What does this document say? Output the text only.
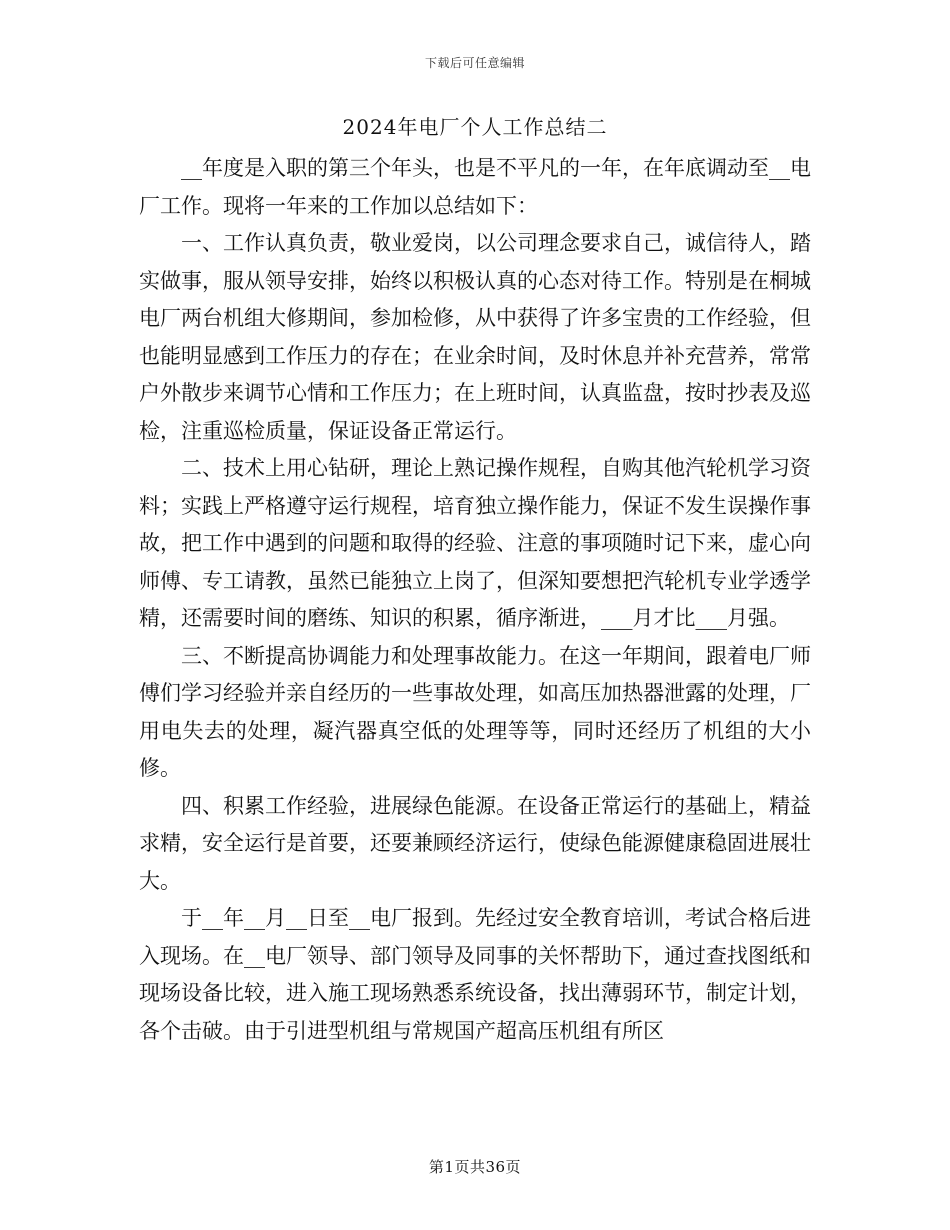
下载后可任意编辑
2024年电厂个人工作总结二

__年度是入职的第三个年头，也是不平凡的一年，在年底调动至__电厂工作。现将一年来的工作加以总结如下：

一、工作认真负责，敬业爱岗，以公司理念要求自己，诚信待人，踏实做事，服从领导安排，始终以积极认真的心态对待工作。特别是在桐城电厂两台机组大修期间，参加检修，从中获得了许多宝贵的工作经验，但也能明显感到工作压力的存在；在业余时间，及时休息并补充营养，常常户外散步来调节心情和工作压力；在上班时间，认真监盘，按时抄表及巡检，注重巡检质量，保证设备正常运行。

二、技术上用心钻研，理论上熟记操作规程，自购其他汽轮机学习资料；实践上严格遵守运行规程，培育独立操作能力，保证不发生误操作事故，把工作中遇到的问题和取得的经验、注意的事项随时记下来，虚心向师傅、专工请教，虽然已能独立上岗了，但深知要想把汽轮机专业学透学精，还需要时间的磨练、知识的积累，循序渐进，___月才比___月强。

三、不断提高协调能力和处理事故能力。在这一年期间，跟着电厂师傅们学习经验并亲自经历的一些事故处理，如高压加热器泄露的处理，厂用电失去的处理，凝汽器真空低的处理等等，同时还经历了机组的大小修。

四、积累工作经验，进展绿色能源。在设备正常运行的基础上，精益求精，安全运行是首要，还要兼顾经济运行，使绿色能源健康稳固进展壮大。

于__年__月__日至__电厂报到。先经过安全教育培训，考试合格后进入现场。在__电厂领导、部门领导及同事的关怀帮助下，通过查找图纸和现场设备比较，进入施工现场熟悉系统设备，找出薄弱环节，制定计划，各个击破。由于引进型机组与常规国产超高压机组有所区

第1页共36页
